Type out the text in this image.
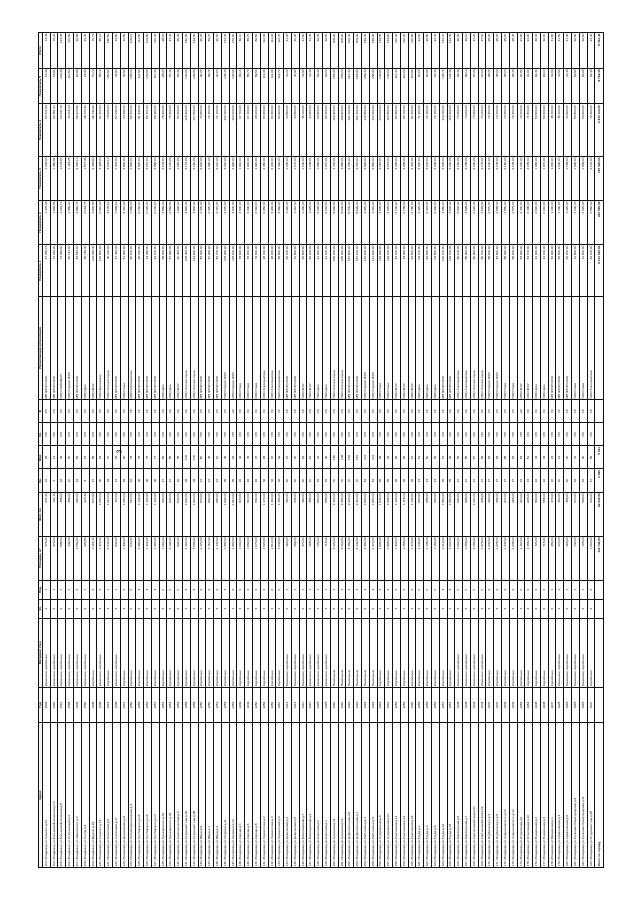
3
Адрес	Год	Материал стен	Эт.	Под.	Площадь, м²	Жил. пл.	Кв.	Жит.	Сп.	Ф	Управляющая организация	Показатель 1	Показатель 2	Показатель 3	Показатель 4	Показатель 5	Итого
113 г.Владимир ул.Горького д.64	1896	Каменные, кирпичные	2	1	478,90	347,90	12	28	РО	РХ	МП ЖРЭП 2000	67 250,73	1 478,68	1 226,60	54 472,82	13,36	13,36
114 г.Владимир ул.Большая Московская д.19	1900	Каменные, кирпичные	2	1	379,00	191,10	6	14	РО	УК	МП ЖРЭП 2000	72 046,20	1 660,83	1 380,82	60 451,41	15,81	15,91
115 г.Владимир ул.Большая Московская д.8	1861	Каменные, кирпичные	2	1	598,00	488,00	18	35	РО	УК	ООО НОВОЖИЛ	74 382,60	1 215,13	1 178,87	63 237,70	123,38	123,38
116 г.Владимир ул.Ст.Кузнецкая д.3	1888	Каменные, кирпичные	2	1	432,00	356,00	10	20	РО	УК	ООО Сервис ЖКХ	50 742,00	1 380,00	1 118,25	43 215,14	110,52	110,52
117 г.Владимир ул.Чайковского д.2	1936	Каменные, кирпичные	3	2	1 250,00	980,00	24	52	РО	УК	МП ЖРЭП 2000	83 520,00	2 860,72	2 430,10	59 970,50	60,86	60,86
118 г.Владимир ул.Гоголя д.6	1880	Каменные, кирпичные	2	1	420,50	320,40	8	18	РО	УК	ООО Дом	45 720,30	2 163,75	1 877,35	38 770,40	22,90	22,90
119 г.Владимир ул.Фрунзе д.15	1935	Кирпичные	3	2	1 115,10	870,60	27	58	РО	УК	ООО ЖЭУ	112 290,30	2 800,80	2 325,60	96 730,60	70,79	70,79
120 г.Владимир ул.Горького д.13	1938	Каменные, кирпичные	3	2	1 370,00	1 050,00	30	64	РО	УК	ООО Жилсервис	106 500,00	2 910,00	2 428,00	91 410,00	85,12	85,12
121 г.Владимир ул.Никитская д.5	1915	Кирпичные	3	1	2 244,00	1 610,00	33	70	РО	УК	ООО Уютный город	90 110,00	3 178,00	2 644,10	79 620,00	150,50	150,50
122 г.Владимир ул.Гороховая д.17	1935	Каменные, кирпичные	2	1	530,00	420,00	12	26	РО	УК	МП ЖРЭП 2000	67 420,00	1 565,00	1 302,00	57 630,00	42,80	42,80
123 г.Владимир ул.Дворянская д.21	1901	Кирпичные	3	2	1 390,00	1 080,00	28	60	РО	УК	ООО Нова	51 900,00	3 410,00	2 830,00	44 390,00	40,50	40,50
124 г.Владимир ул.Летнеперевозинская д.3	1950	Кирпичные	2	2	640,00	510,00	16	34	РО	УК	ООО Альтернатива	60 100,00	1 980,00	1 640,00	52 410,00	108,10	108,10
125 г.Владимир ул.Ал.Невского д.10	1955	Кирпичные	3	3	1 480,00	1 140,00	36	78	РО	УК	МП ЖРЭП 2000	95 320,00	2 760,00	2 300,00	81 930,00	111,50	111,50
126 г.Владимир ул.Ал.Невского д.12	1956	Кирпичные	3	3	1 420,00	1 100,00	36	75	РО	УК	МП ЖРЭП 2000	93 480,00	2 720,00	2 270,00	80 410,00	109,80	109,80
127 г.Владимир ул.Ал.Невского д.14	1957	Кирпичные	3	3	1 460,00	1 120,00	36	77	РО	УК	МП ЖРЭП 2000	94 100,00	2 740,00	2 290,00	80 900,00	110,40	110,40
128 г.Владимир ул.Луначарского д.30	1954	Кирпичные	3	2	1 200,00	940,00	27	56	РО	УК	ООО Дом	88 300,00	2 580,00	2 140,00	75 900,00	98,20	98,20
129 г.Владимир ул.Луначарского д.32	1954	Кирпичные	3	2	1 190,00	930,00	27	55	РО	УК	ООО Дом	87 650,00	2 560,00	2 120,00	75 300,00	97,40	97,40
130 г.Владимир ул.Комсомольская д.6	1952	Кирпичные	2	2	690,00	540,00	16	35	РО	УК	ООО ЖЭУ	60 400,00	1 990,00	1 650,00	52 600,00	65,30	65,30
131 г.Владимир ул.Студеная Гора д.36	1958	Кирпичные	4	3	2 100,00	1 620,00	48	102	РО	УК	ООО Уютный город	125 400,00	3 820,00	3 170,00	108 200,00	140,60	140,60
132 г.Владимир ул.Студеная Гора д.38	1958	Кирпичные	4	3	2 080,00	1 600,00	48	100	РО	УК	ООО Уютный город	124 600,00	3 800,00	3 150,00	107 500,00	139,80	139,80
133 г.Владимир ул.Мира д.5	1950	Кирпичные	3	2	1 120,00	870,00	24	50	РО	УК	МП ЖРЭП 2000	82 300,00	2 400,00	2 000,00	70 800,00	90,20	90,20
134 г.Владимир ул.Мира д.7	1950	Кирпичные	3	2	1 110,00	860,00	24	49	РО	УК	МП ЖРЭП 2000	81 900,00	2 390,00	1 990,00	70 400,00	89,70	89,70
135 г.Владимир ул.Мира д.9	1951	Кирпичные	3	2	1 130,00	880,00	24	51	РО	УК	МП ЖРЭП 2000	82 700,00	2 410,00	2 010,00	71 100,00	90,60	90,60
136 г.Владимир ул.Гагарина д.11	1953	Кирпичные	4	3	1 980,00	1 530,00	45	96	РО	УК	ООО Сервис ЖКХ	118 900,00	3 620,00	3 010,00	102 700,00	133,40	133,40
137 г.Владимир ул.Гагарина д.13	1953	Кирпичные	4	3	1 960,00	1 510,00	45	94	РО	УК	ООО Сервис ЖКХ	118 100,00	3 600,00	2 990,00	102 000,00	132,60	132,60
138 г.Владимир ул.Кирова д.4	1949	Кирпичные	3	2	1 060,00	820,00	22	46	РО	УК	ООО Нова	78 600,00	2 300,00	1 910,00	67 700,00	86,10	86,10
139 г.Владимир ул.Кирова д.6	1949	Кирпичные	3	2	1 050,00	810,00	22	45	РО	УК	ООО Нова	78 200,00	2 290,00	1 900,00	67 400,00	85,70	85,70
140 г.Владимир ул.Кирова д.8	1950	Кирпичные	3	2	1 070,00	830,00	22	47	РО	УК	ООО Нова	79 000,00	2 310,00	1 920,00	68 000,00	86,50	86,50
141 г.Владимир ул.Лермонтова д.2	1956	Кирпичные	4	2	1 520,00	1 170,00	32	68	РО	УК	ООО Альтернатива	98 400,00	2 950,00	2 450,00	84 600,00	112,30	112,30
142 г.Владимир ул.Лермонтова д.4	1956	Кирпичные	4	2	1 510,00	1 160,00	32	67	РО	УК	ООО Альтернатива	98 000,00	2 940,00	2 440,00	84 300,00	111,90	111,90
143 г.Владимир ул.Лермонтова д.6	1957	Кирпичные	4	2	1 530,00	1 180,00	32	69	РО	УК	ООО Альтернатива	98 800,00	2 960,00	2 460,00	84 900,00	112,70	112,70
144 г.Владимир ул.Девическая д.3	1912	Каменные, кирпичные	2	1	460,00	350,00	10	21	РО	УК	МП ЖРЭП 2000	52 100,00	1 420,00	1 180,00	44 800,00	41,20	41,20
145 г.Владимир ул.Девическая д.5	1912	Каменные, кирпичные	2	1	455,00	345,00	10	20	РО	УК	МП ЖРЭП 2000	51 800,00	1 410,00	1 170,00	44 500,00	40,90	40,90
146 г.Владимир ул.Васильевская д.7	1910	Каменные, кирпичные	2	1	470,00	360,00	10	22	РО	УК	ООО ЖЭУ	52 500,00	1 430,00	1 190,00	45 100,00	41,50	41,50
147 г.Владимир ул.Васильевская д.9	1910	Каменные, кирпичные	2	1	465,00	355,00	10	21	РО	УК	ООО ЖЭУ	52 200,00	1 425,00	1 185,00	44 900,00	41,30	41,30
148 г.Владимир ул.Спасская д.2	1905	Каменные, кирпичные	3	1	720,00	560,00	15	31	РО	УК	ООО Дом	61 400,00	2 020,00	1 680,00	53 500,00	66,40	66,40
149 г.Владимир ул.Спасская д.4	1905	Каменные, кирпичные	3	1	715,00	555,00	15	30	РО	УК	ООО Дом	61 100,00	2 010,00	1 670,00	53 200,00	66,00	66,00
150 г.Владимир ул.Сурикова д.12	1960	Панельные	5	4	3 120,00	2 400,00	70	150	РО	УК	ООО Уютный город	186 200,00	5 660,00	4 700,00	160 600,00	208,90	208,90
151 г.Владимир ул.Сурикова д.14	1960	Панельные	5	4	3 100,00	2 380,00	70	148	РО	УК	ООО Уютный город	185 400,00	5 640,00	4 680,00	159 900,00	208,00	208,00
152 г.Владимир ул.Добросельская д.5	1962	Панельные	5	4	3 150,00	2 420,00	70	152	РО	УК	МП ЖРЭП 2000	187 500,00	5 700,00	4 730,00	161 700,00	210,30	210,30
153 г.Владимир ул.Добросельская д.7	1962	Панельные	5	4	3 140,00	2 410,00	70	151	РО	УК	МП ЖРЭП 2000	187 100,00	5 690,00	4 720,00	161 400,00	209,90	209,90
154 г.Владимир ул.Растопчина д.3	1964	Панельные	5	3	2 380,00	1 830,00	54	114	РО	УК	ООО Сервис ЖКХ	142 000,00	4 320,00	3 590,00	122 500,00	159,30	159,30
155 г.Владимир ул.Растопчина д.5	1964	Панельные	5	3	2 370,00	1 820,00	54	113	РО	УК	ООО Сервис ЖКХ	141 600,00	4 310,00	3 580,00	122 200,00	158,90	158,90
156 г.Владимир ул.Суздальская д.8	1961	Кирпичные	4	3	1 990,00	1 540,00	45	95	РО	УК	ООО Нова	119 300,00	3 630,00	3 020,00	103 000,00	133,80	133,80
157 г.Владимир ул.Суздальская д.10	1961	Кирпичные	4	3	1 985,00	1 535,00	45	94	РО	УК	ООО Нова	119 100,00	3 625,00	3 015,00	102 800,00	133,60	133,60
158 г.Владимир ул.Тракторная д.14	1959	Кирпичные	4	2	1 460,00	1 120,00	32	66	РО	УК	ООО ЖЭУ	94 100,00	2 740,00	2 290,00	80 900,00	110,40	110,40
159 г.Владимир ул.Тракторная д.16	1959	Кирпичные	4	2	1 455,00	1 115,00	32	65	РО	УК	ООО ЖЭУ	93 900,00	2 735,00	2 285,00	80 700,00	110,20	110,20
160 г.Владимир ул.Тракторная д.18	1960	Кирпичные	4	2	1 470,00	1 130,00	32	67	РО	УК	ООО ЖЭУ	94 500,00	2 750,00	2 300,00	81 200,00	110,80	110,80
161 г.Владимир ул.Труда д.1	1955	Кирпичные	3	2	1 140,00	890,00	24	51	РО	УК	ООО Дом	83 100,00	2 420,00	2 020,00	71 400,00	91,00	91,00
162 г.Владимир ул.Труда д.3	1955	Кирпичные	3	2	1 135,00	885,00	24	50	РО	УК	ООО Дом	82 900,00	2 415,00	2 015,00	71 200,00	90,80	90,80
163 г.Владимир ул.Труда д.5	1956	Кирпичные	3	2	1 150,00	900,00	24	52	РО	УК	ООО Дом	83 500,00	2 430,00	2 030,00	71 700,00	91,40	91,40
164 г.Владимир ул.Труда д.16	1957	Кирпичные	4	3	2 010,00	1 560,00	45	97	РО	УК	МП ЖРЭП 2000	120 100,00	3 650,00	3 040,00	103 700,00	134,70	134,70
165 г.Владимир ул.Труда д.18	1957	Кирпичные	4	3	2 000,00	1 550,00	45	96	РО	УК	МП ЖРЭП 2000	119 700,00	3 640,00	3 030,00	103 400,00	134,30	134,30
166 г.Владимир ул.Офицерская д.5	1938	Каменные, кирпичные	3	2	1 260,00	990,00	27	56	РО	УК	ООО Альтернатива	86 100,00	2 600,00	2 160,00	74 200,00	96,30	96,30
167 г.Владимир ул.Офицерская д.7	1938	Каменные, кирпичные	3	2	1 255,00	985,00	27	55	РО	УК	ООО Альтернатива	85 900,00	2 595,00	2 155,00	74 000,00	96,10	96,10
168 г.Владимир ул.Красноармейская д.20	1934	Каменные, кирпичные	3	2	1 280,00	1 000,00	27	57	РО	УК	ООО Уютный город	86 900,00	2 620,00	2 180,00	74 900,00	97,20	97,20
169 г.Владимир ул.Красноармейская д.22	1934	Каменные, кирпичные	3	2	1 275,00	995,00	27	56	РО	УК	ООО Уютный город	86 700,00	2 615,00	2 175,00	74 700,00	97,00	97,00
170 г.Владимир ул.Подбельского д.3	1937	Кирпичные	3	2	1 230,00	960,00	27	54	РО	УК	ООО Сервис ЖКХ	85 000,00	2 570,00	2 140,00	73 300,00	95,20	95,20
171 г.Владимир ул.Подбельского д.5	1937	Кирпичные	3	2	1 225,00	955,00	27	53	РО	УК	ООО Сервис ЖКХ	84 800,00	2 565,00	2 135,00	73 100,00	95,00	95,00
172 г.Владимир ул.Чернышевского д.10	1939	Кирпичные	3	2	1 240,00	970,00	27	55	РО	УК	ООО Нова	85 400,00	2 580,00	2 150,00	73 600,00	95,60	95,60
173 г.Владимир ул.Чернышевского д.12	1939	Кирпичные	3	2	1 235,00	965,00	27	54	РО	УК	ООО Нова	85 200,00	2 575,00	2 145,00	73 400,00	95,40	95,40
174 г.Владимир ул.Стрелецкая д.8	1952	Кирпичные	3	2	1 160,00	910,00	24	52	РО	УК	ООО ЖЭУ	83 900,00	2 440,00	2 040,00	72 000,00	91,80	91,80
175 г.Владимир ул.Стрелецкая д.10	1952	Кирпичные	3	2	1 155,00	905,00	24	51	РО	УК	ООО ЖЭУ	83 700,00	2 435,00	2 035,00	71 800,00	91,60	91,60
176 г.Владимир ул.Вокзальная д.2	1948	Кирпичные	2	2	720,00	560,00	16	34	РО	УК	ООО Дом	61 400,00	2 020,00	1 680,00	53 500,00	66,40	66,40
177 г.Владимир ул.Вокзальная д.4	1948	Кирпичные	2	2	715,00	555,00	16	33	РО	УК	ООО Дом	61 100,00	2 010,00	1 670,00	53 200,00	66,00	66,00
178 г.Владимир ул.Мещерская д.1	1947	Кирпичные	2	1	480,00	370,00	10	22	РО	УК	МП ЖРЭП 2000	52 900,00	1 440,00	1 200,00	45 400,00	41,80	41,80
179 г.Владимир ул.Кремлевская д.3	1928	Каменные, кирпичные	2	1	470,00	360,00	10	21	РО	УК	МП ЖРЭП 2000	52 500,00	1 430,00	1 190,00	45 100,00	41,50	41,50
180 г.Владимир ул.Кремлевская д.5	1928	Каменные, кирпичные	2	1	465,00	355,00	10	20	РО	УК	МП ЖРЭП 2000	52 200,00	1 425,00	1 185,00	44 900,00	41,30	41,30
181 г.Владимир ул.Большая Нижегородская д.9	1925	Каменные, кирпичные	3	1	730,00	570,00	15	31	РО	УК	ООО Нова	61 800,00	2 030,00	1 690,00	53 800,00	66,80	66,80
182 г.Владимир ул.Большая Нижегородская д.11	1925	Каменные, кирпичные	3	1	725,00	565,00	15	30	РО	УК	ООО Нова	61 600,00	2 025,00	1 685,00	53 600,00	66,60	66,60
183 г.Владимир ул.Студеная Гора д.25	1937	Кирпичные	3	2	1 200,00	940,00	27	55	РО	УК	ООО Альтернатива	84 100,00	2 550,00	2 120,00	72 600,00	94,30	94,30
Итого по городу					119 736,90	92 640,00	2 390	5 041				8 101 320,00	224 560,00	187 320,00	6 972 110,00	8 762,40	8 762,40
